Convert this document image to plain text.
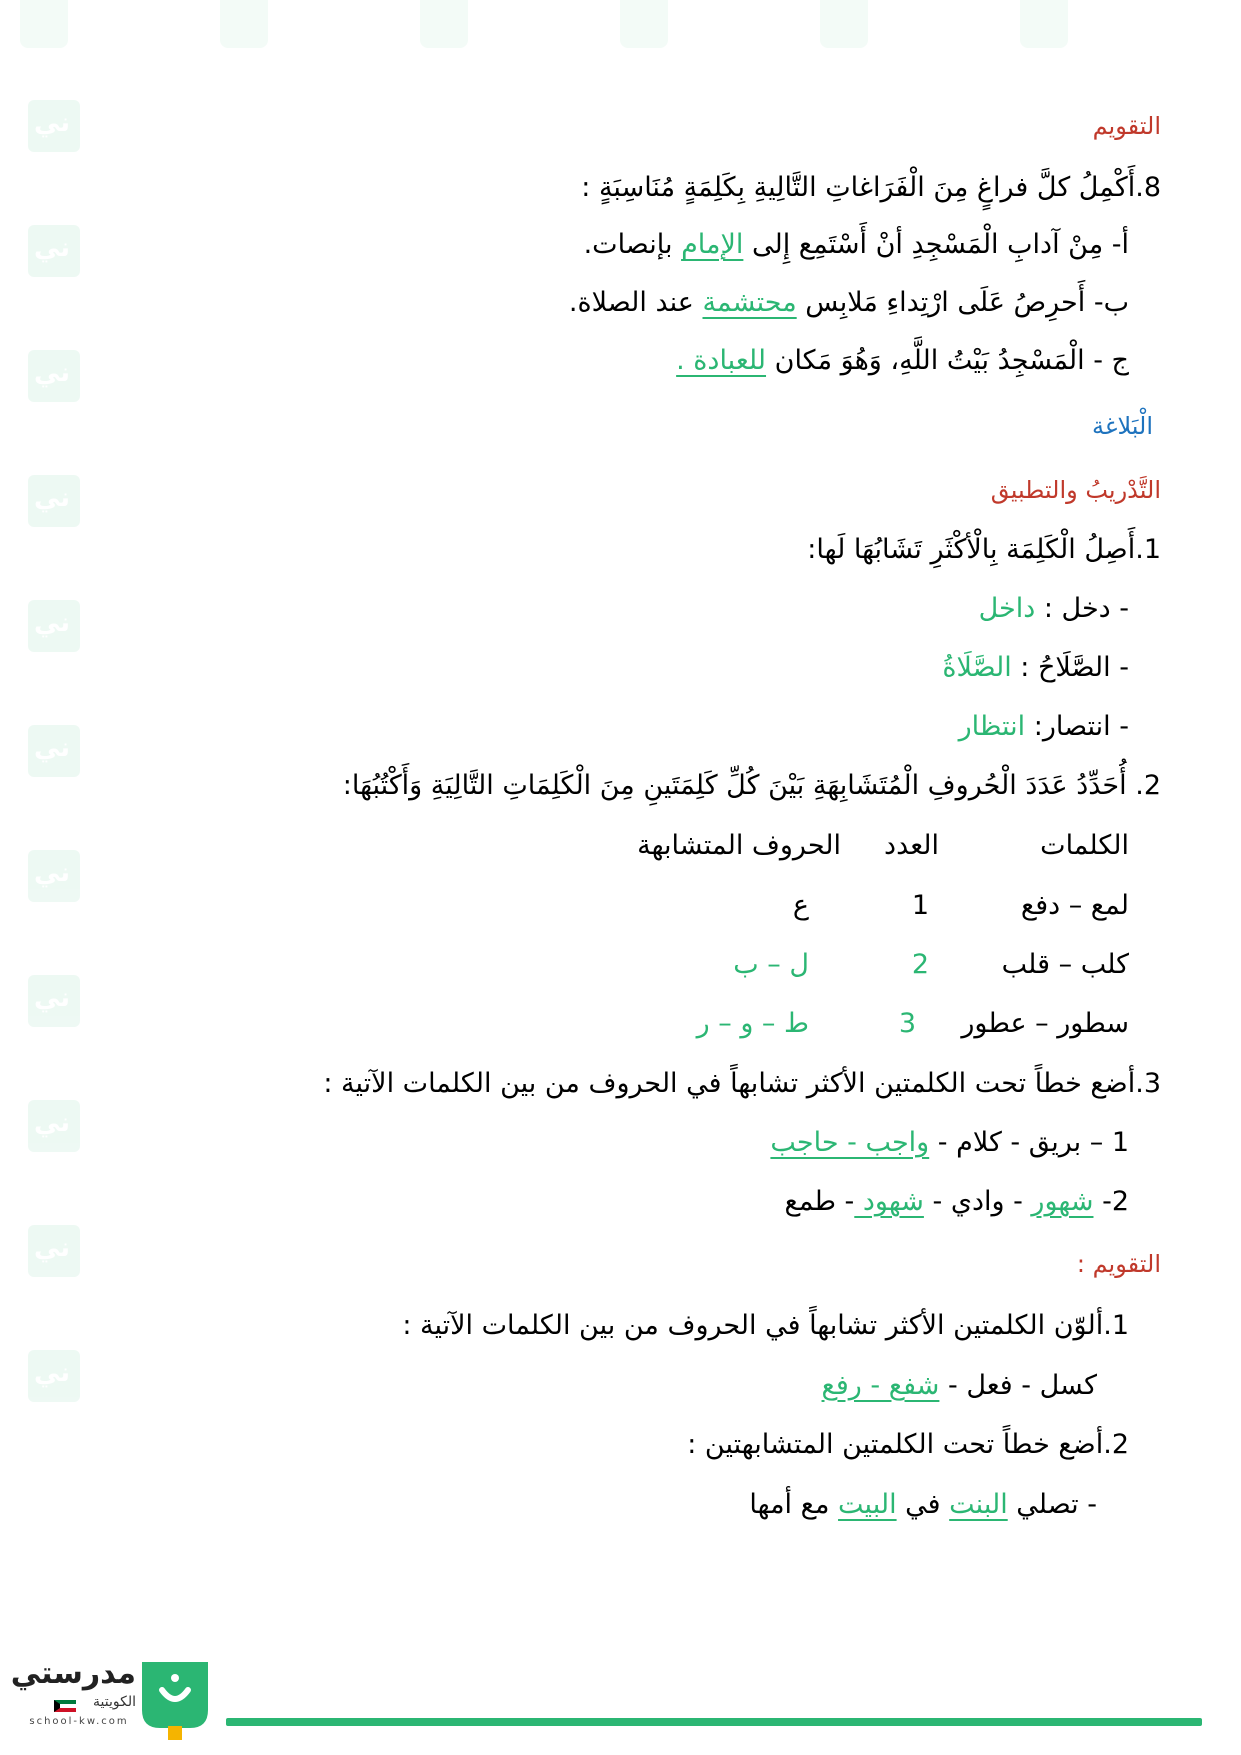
ني
ني
ني
ني
ني
ني
ني
ني
ني
ني
ني
التقويم
8.أَكْمِلُ كلَّ فراغٍ مِنَ الْفَرَاغاتِ التَّالِيةِ بِكَلِمَةٍ مُنَاسِبَةٍ :
أ- مِنْ آدابِ الْمَسْجِدِ أنْ أَسْتَمِع إِلى الإمام بإنصات.
ب- أَحرِصُ عَلَى ارْتِداءِ مَلابِس محتشمة عند الصلاة.
ج - الْمَسْجِدُ بَيْتُ اللَّهِ، وَهُوَ مَكان للعبادة .
الْبَلاغة
التَّدْريبُ والتطبيق
1.أَصِلُ الْكَلِمَة بِالْأكْثَرِ تَشَابُهَا لَها:
- دخل : داخل
- الصَّلَاحُ : الصَّلَاةُ
- انتصار: انتظار
2. أُحَدِّدُ عَدَدَ الْحُروفِ الْمُتَشَابِهَةِ بَيْنَ كُلِّ كَلِمَتَينِ مِنَ الْكَلِمَاتِ التَّالِيَةِ وَأَكْتُبُهَا:
الكلمات
العدد
الحروف المتشابهة
لمع – دفع
1
ع
كلب – قلب
2
ل – ب
سطور – عطور
3
ط – و – ر
3.أضع خطاً تحت الكلمتين الأكثر تشابهاً في الحروف من بين الكلمات الآتية :
1 – بريق - كلام - واجب - حاجب
2- شهور - وادي - شهود - طمع
التقويم :
1.ألوّن الكلمتين الأكثر تشابهاً في الحروف من بين الكلمات الآتية :
كسل - فعل - شفع - رفع
2.أضع خطاً تحت الكلمتين المتشابهتين :
- تصلي البنت في البيت مع أمها
مدرستي
الكويتية
school-kw.com
